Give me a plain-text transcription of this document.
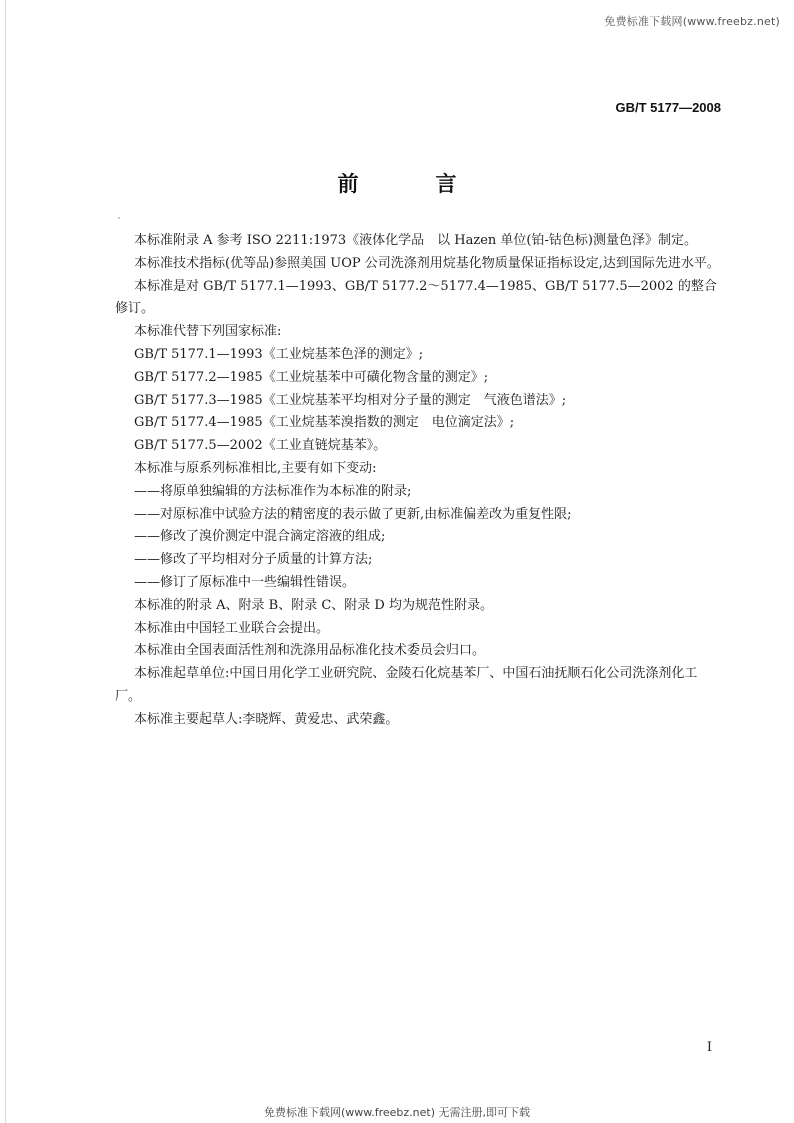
免费标准下载网(www.freebz.net)
GB/T 5177—2008
前　言

本标准附录 A 参考 ISO 2211:1973《液体化学品　以 Hazen 单位(铂-钴色标)测量色泽》制定。

本标准技术指标(优等品)参照美国 UOP 公司洗涤剂用烷基化物质量保证指标设定,达到国际先进水平。

本标准是对 GB/T 5177.1—1993、GB/T 5177.2～5177.4—1985、GB/T 5177.5—2002 的整合修订。

本标准代替下列国家标准:

GB/T 5177.1—1993《工业烷基苯色泽的测定》;

GB/T 5177.2—1985《工业烷基苯中可磺化物含量的测定》;

GB/T 5177.3—1985《工业烷基苯平均相对分子量的测定　气液色谱法》;

GB/T 5177.4—1985《工业烷基苯溴指数的测定　电位滴定法》;

GB/T 5177.5—2002《工业直链烷基苯》。

本标准与原系列标准相比,主要有如下变动:

——将原单独编辑的方法标准作为本标准的附录;

——对原标准中试验方法的精密度的表示做了更新,由标准偏差改为重复性限;

——修改了溴价测定中混合滴定溶液的组成;

——修改了平均相对分子质量的计算方法;

——修订了原标准中一些编辑性错误。

本标准的附录 A、附录 B、附录 C、附录 D 均为规范性附录。

本标准由中国轻工业联合会提出。

本标准由全国表面活性剂和洗涤用品标准化技术委员会归口。

本标准起草单位:中国日用化学工业研究院、金陵石化烷基苯厂、中国石油抚顺石化公司洗涤剂化工厂。

本标准主要起草人:李晓辉、黄爱忠、武荣鑫。

I
免费标准下载网(www.freebz.net) 无需注册,即可下载
